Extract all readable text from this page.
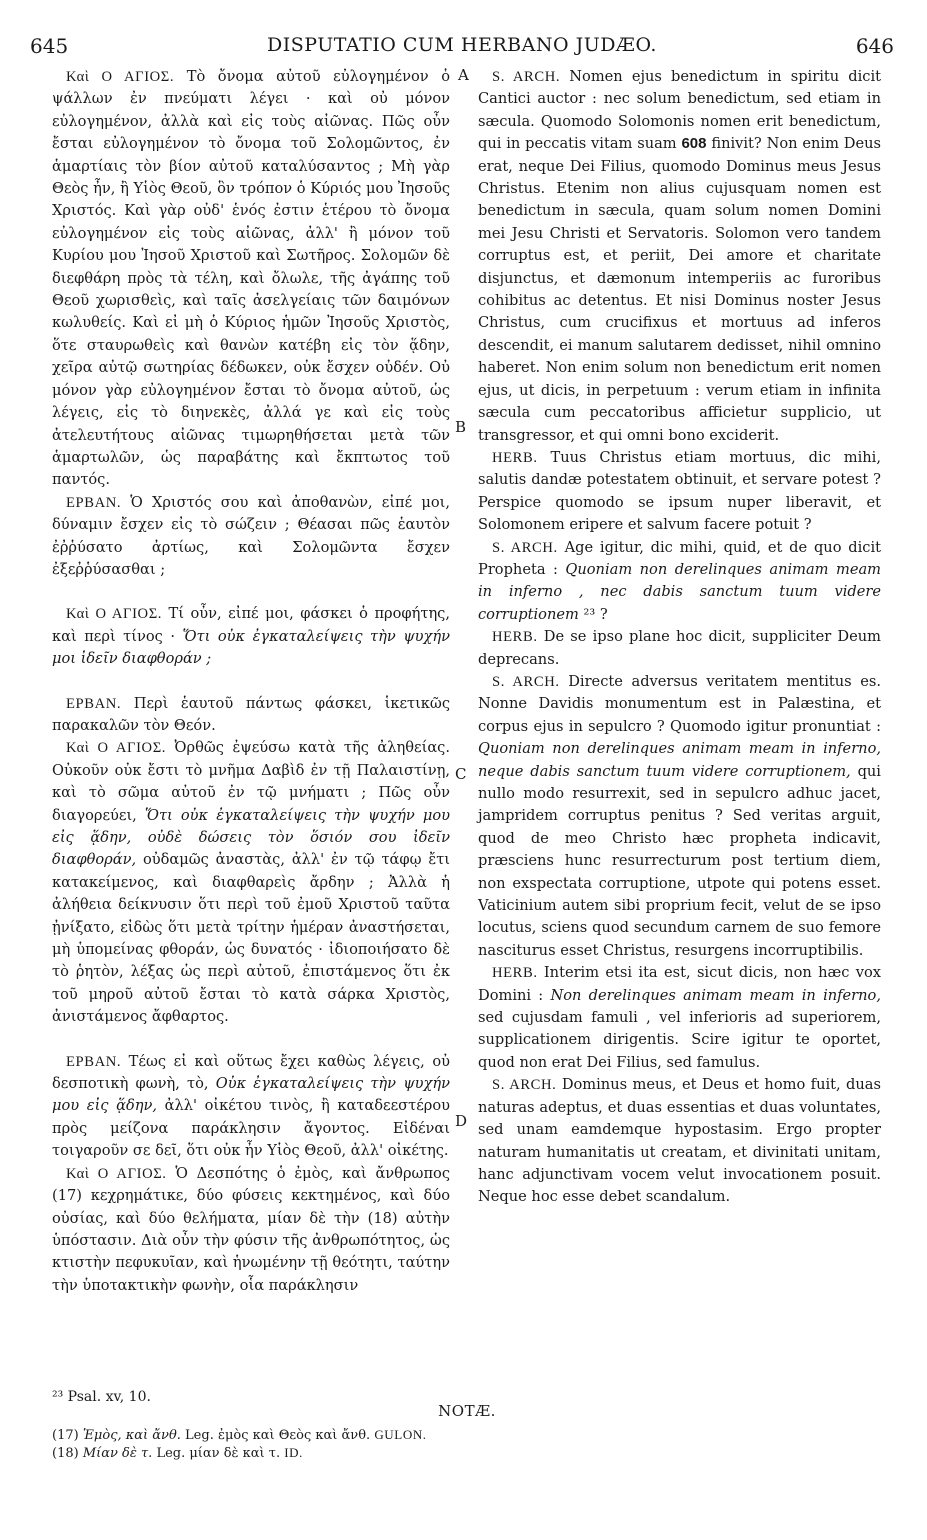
645	DISPUTATIO CUM HERBANO JUDÆO.	646
A
B
C
D

Καὶ Ο ΑΓΙΟΣ. Τὸ ὄνομα αὐτοῦ εὐλογημένον ὁ ψάλλων ἐν πνεύματι λέγει · καὶ οὐ μόνον εὐλογημένον, ἀλλὰ καὶ εἰς τοὺς αἰῶνας. Πῶς οὖν ἔσται εὐλογημένον τὸ ὄνομα τοῦ Σολομῶντος, ἐν ἁμαρτίαις τὸν βίον αὐτοῦ καταλύσαντος ; Μὴ γὰρ Θεὸς ἦν, ἢ Υἱὸς Θεοῦ, ὃν τρόπον ὁ Κύριός μου Ἰησοῦς Χριστός. Καὶ γὰρ οὐδ' ἑνός ἐστιν ἑτέρου τὸ ὄνομα εὐλογημένον εἰς τοὺς αἰῶνας, ἀλλ' ἢ μόνον τοῦ Κυρίου μου Ἰησοῦ Χριστοῦ καὶ Σωτῆρος. Σολομῶν δὲ διεφθάρη πρὸς τὰ τέλη, καὶ ὄλωλε, τῆς ἀγάπης τοῦ Θεοῦ χωρισθεὶς, καὶ ταῖς ἀσελγείαις τῶν δαιμόνων κωλυθείς. Καὶ εἰ μὴ ὁ Κύριος ἡμῶν Ἰησοῦς Χριστὸς, ὅτε σταυρωθεὶς καὶ θανὼν κατέβη εἰς τὸν ᾅδην, χεῖρα αὐτῷ σωτηρίας δέδωκεν, οὐκ ἔσχεν οὐδέν. Οὐ μόνον γὰρ εὐλογημένον ἔσται τὸ ὄνομα αὐτοῦ, ὡς λέγεις, εἰς τὸ διηνεκὲς, ἀλλά γε καὶ εἰς τοὺς ἀτελευτήτους αἰῶνας τιμωρηθήσεται μετὰ τῶν ἁμαρτωλῶν, ὡς παραβάτης καὶ ἔκπτωτος τοῦ παντός.

ΕΡΒΑΝ. Ὁ Χριστός σου καὶ ἀποθανὼν, εἰπέ μοι, δύναμιν ἔσχεν εἰς τὸ σώζειν ; Θέασαι πῶς ἑαυτὸν ἐῤῥύσατο ἀρτίως, καὶ Σολομῶντα ἔσχεν ἐξεῤῥύσασθαι ;

Καὶ Ο ΑΓΙΟΣ. Τί οὖν, εἰπέ μοι, φάσκει ὁ προφήτης, καὶ περὶ τίνος · Ὅτι οὐκ ἐγκαταλείψεις τὴν ψυχήν μοι ἰδεῖν διαφθοράν ;

ΕΡΒΑΝ. Περὶ ἑαυτοῦ πάντως φάσκει, ἱκετικῶς παρακαλῶν τὸν Θεόν.

Καὶ Ο ΑΓΙΟΣ. Ὀρθῶς ἐψεύσω κατὰ τῆς ἀληθείας. Οὐκοῦν οὐκ ἔστι τὸ μνῆμα Δαβὶδ ἐν τῇ Παλαιστίνῃ, καὶ τὸ σῶμα αὐτοῦ ἐν τῷ μνήματι ; Πῶς οὖν διαγορεύει, Ὅτι οὐκ ἐγκαταλείψεις τὴν ψυχήν μου εἰς ᾅδην, οὐδὲ δώσεις τὸν ὅσιόν σου ἰδεῖν διαφθοράν, οὐδαμῶς ἀναστὰς, ἀλλ' ἐν τῷ τάφῳ ἔτι κατακείμενος, καὶ διαφθαρεὶς ἄρδην ; Ἀλλὰ ἡ ἀλήθεια δείκνυσιν ὅτι περὶ τοῦ ἐμοῦ Χριστοῦ ταῦτα ᾐνίξατο, εἰδὼς ὅτι μετὰ τρίτην ἡμέραν ἀναστήσεται, μὴ ὑπομείνας φθοράν, ὡς δυνατός · ἰδιοποιήσατο δὲ τὸ ῥητὸν, λέξας ὡς περὶ αὐτοῦ, ἐπιστάμενος ὅτι ἐκ τοῦ μηροῦ αὐτοῦ ἔσται τὸ κατὰ σάρκα Χριστὸς, ἀνιστάμενος ἄφθαρτος.

ΕΡΒΑΝ. Τέως εἰ καὶ οὕτως ἔχει καθὼς λέγεις, οὐ δεσποτικὴ φωνὴ, τὸ, Οὐκ ἐγκαταλείψεις τὴν ψυχήν μου εἰς ᾅδην, ἀλλ' οἰκέτου τινὸς, ἢ καταδεεστέρου πρὸς μείζονα παράκλησιν ἄγοντος. Εἰδέναι τοιγαροῦν σε δεῖ, ὅτι οὐκ ἦν Υἱὸς Θεοῦ, ἀλλ' οἰκέτης.

Καὶ Ο ΑΓΙΟΣ. Ὁ Δεσπότης ὁ ἐμὸς, καὶ ἄνθρωπος (17) κεχρημάτικε, δύο φύσεις κεκτημένος, καὶ δύο οὐσίας, καὶ δύο θελήματα, μίαν δὲ τὴν (18) αὐτὴν ὑπόστασιν. Διὰ οὖν τὴν φύσιν τῆς ἀνθρωπότητος, ὡς κτιστὴν πεφυκυῖαν, καὶ ἡνωμένην τῇ θεότητι, ταύτην τὴν ὑποτακτικὴν φωνὴν, οἷα παράκλησιν

S. ARCH. Nomen ejus benedictum in spiritu dicit Cantici auctor : nec solum benedictum, sed etiam in sæcula. Quomodo Solomonis nomen erit benedictum, qui in peccatis vitam suam 608 finivit? Non enim Deus erat, neque Dei Filius, quomodo Dominus meus Jesus Christus. Etenim non alius cujusquam nomen est benedictum in sæcula, quam solum nomen Domini mei Jesu Christi et Servatoris. Solomon vero tandem corruptus est, et periit, Dei amore et charitate disjunctus, et dæmonum intemperiis ac furoribus cohibitus ac detentus. Et nisi Dominus noster Jesus Christus, cum crucifixus et mortuus ad inferos descendit, ei manum salutarem dedisset, nihil omnino haberet. Non enim solum non benedictum erit nomen ejus, ut dicis, in perpetuum : verum etiam in infinita sæcula cum peccatoribus afficietur supplicio, ut transgressor, et qui omni bono exciderit.

HERB. Tuus Christus etiam mortuus, dic mihi, salutis dandæ potestatem obtinuit, et servare potest ? Perspice quomodo se ipsum nuper liberavit, et Solomonem eripere et salvum facere potuit ?

S. ARCH. Age igitur, dic mihi, quid, et de quo dicit Propheta : Quoniam non derelinques animam meam in inferno , nec dabis sanctum tuum videre corruptionem ²³ ?

HERB. De se ipso plane hoc dicit, suppliciter Deum deprecans.

S. ARCH. Directe adversus veritatem mentitus es. Nonne Davidis monumentum est in Palæstina, et corpus ejus in sepulcro ? Quomodo igitur pronuntiat : Quoniam non derelinques animam meam in inferno, neque dabis sanctum tuum videre corruptionem, qui nullo modo resurrexit, sed in sepulcro adhuc jacet, jampridem corruptus penitus ? Sed veritas arguit, quod de meo Christo hæc propheta indicavit, præsciens hunc resurrecturum post tertium diem, non exspectata corruptione, utpote qui potens esset. Vaticinium autem sibi proprium fecit, velut de se ipso locutus, sciens quod secundum carnem de suo femore nasciturus esset Christus, resurgens incorruptibilis.

HERB. Interim etsi ita est, sicut dicis, non hæc vox Domini : Non derelinques animam meam in inferno, sed cujusdam famuli , vel inferioris ad superiorem, supplicationem dirigentis. Scire igitur te oportet, quod non erat Dei Filius, sed famulus.

S. ARCH. Dominus meus, et Deus et homo fuit, duas naturas adeptus, et duas essentias et duas voluntates, sed unam eamdemque hypostasim. Ergo propter naturam humanitatis ut creatam, et divinitati unitam, hanc adjunctivam vocem velut invocationem posuit. Neque hoc esse debet scandalum.

²³ Psal. xv, 10.
NOTÆ.
(17) Ἐμὸς, καὶ ἄνθ. Leg. ἐμὸς καὶ Θεὸς καὶ ἄνθ. GULON.
(18) Μίαν δὲ τ. Leg. μίαν δὲ καὶ τ. ID.
